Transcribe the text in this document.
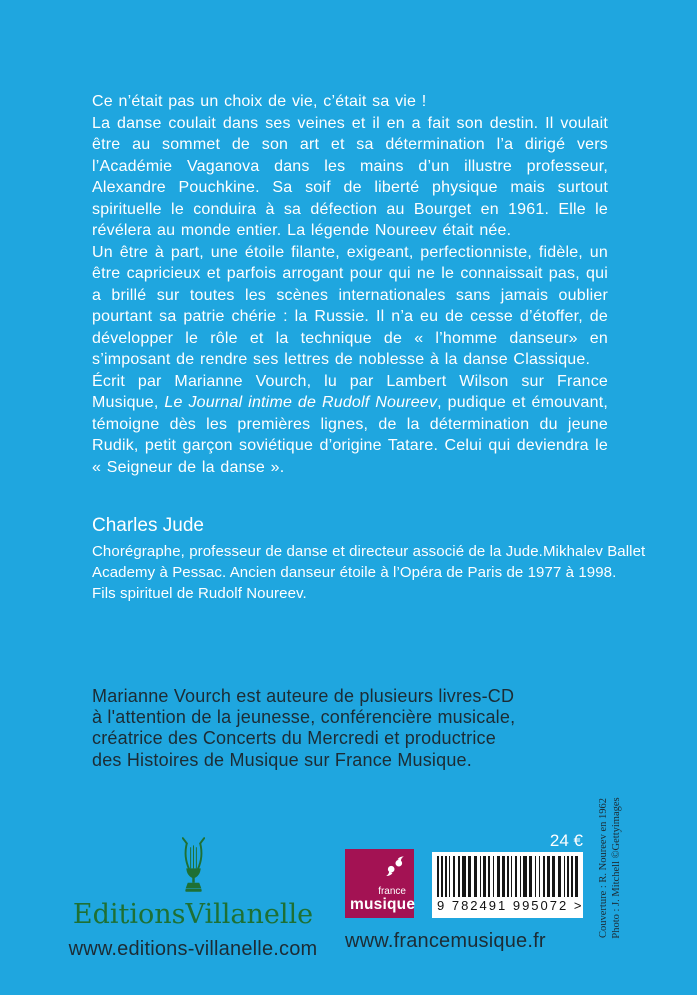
Ce n’était pas un choix de vie, c’était sa vie !

La danse coulait dans ses veines et il en a fait son destin. Il voulait être au sommet de son art et sa détermination l’a dirigé vers l’Académie Vaganova dans les mains d’un illustre professeur, Alexandre Pouchkine. Sa soif de liberté physique mais surtout spirituelle le conduira à sa défection au Bourget en 1961. Elle le révélera au monde entier. La légende Noureev était née.

Un être à part, une étoile filante, exigeant, perfectionniste, fidèle, un être capricieux et parfois arrogant pour qui ne le connaissait pas, qui a brillé sur toutes les scènes internationales sans jamais oublier pourtant sa patrie chérie : la Russie. Il n’a eu de cesse d’étoffer, de développer le rôle et la technique de « l’homme danseur» en s’imposant de rendre ses lettres de noblesse à la danse Classique.

Écrit par Marianne Vourch, lu par Lambert Wilson sur France Musique, Le Journal intime de Rudolf Noureev, pudique et émouvant, témoigne dès les premières lignes, de la détermination du jeune Rudik, petit garçon soviétique d’origine Tatare. Celui qui deviendra le « Seigneur de la danse ».

Charles Jude
Chorégraphe, professeur de danse et directeur associé de la Jude.Mikhalev Ballet
Academy à Pessac. Ancien danseur étoile à l’Opéra de Paris de 1977 à 1998.
Fils spirituel de Rudolf Noureev.
Marianne Vourch est auteure de plusieurs livres-CD
à l'attention de la jeunesse, conférencière musicale,
créatrice des Concerts du Mercredi et productrice
des Histoires de Musique sur France Musique.
EditionsVillanelle
www.editions-villanelle.com
france
musique
www.francemusique.fr
24 €
9 782491 995072 > Couverture : R. Noureev en 1962 Photo : J. Mitchell ©Gettyimages
